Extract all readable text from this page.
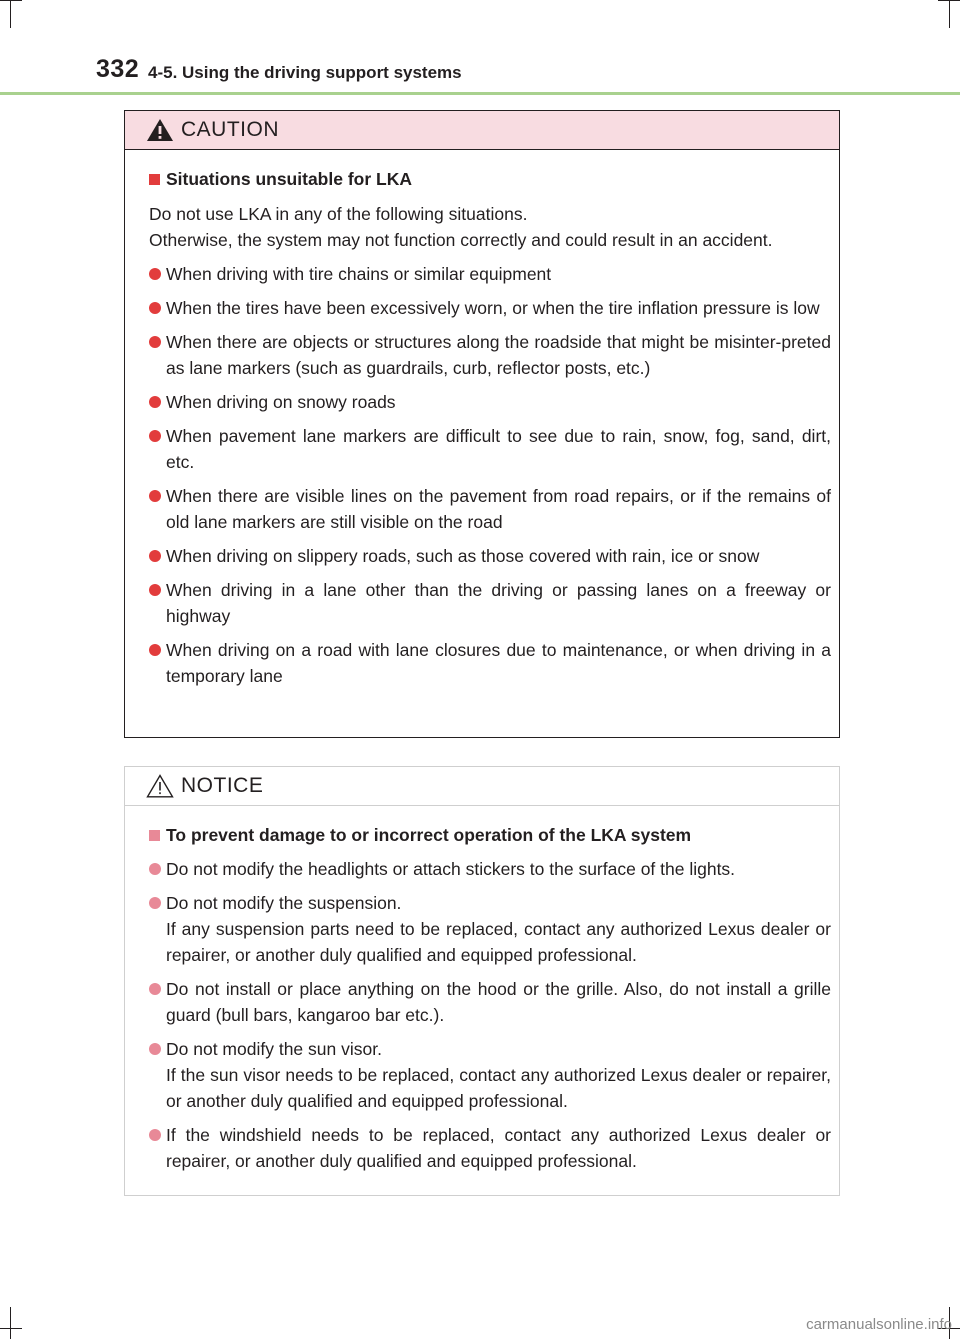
332 4-5. Using the driving support systems
CAUTION
Situations unsuitable for LKA
Do not use LKA in any of the following situations.
Otherwise, the system may not function correctly and could result in an accident.
When driving with tire chains or similar equipment
When the tires have been excessively worn, or when the tire inflation pressure is low
When there are objects or structures along the roadside that might be misinter-preted as lane markers (such as guardrails, curb, reflector posts, etc.)
When driving on snowy roads
When pavement lane markers are difficult to see due to rain, snow, fog, sand, dirt, etc.
When there are visible lines on the pavement from road repairs, or if the remains of old lane markers are still visible on the road
When driving on slippery roads, such as those covered with rain, ice or snow
When driving in a lane other than the driving or passing lanes on a freeway or highway
When driving on a road with lane closures due to maintenance, or when driving in a temporary lane
NOTICE
To prevent damage to or incorrect operation of the LKA system
Do not modify the headlights or attach stickers to the surface of the lights.
Do not modify the suspension.
If any suspension parts need to be replaced, contact any authorized Lexus dealer or repairer, or another duly qualified and equipped professional.
Do not install or place anything on the hood or the grille. Also, do not install a grille guard (bull bars, kangaroo bar etc.).
Do not modify the sun visor.
If the sun visor needs to be replaced, contact any authorized Lexus dealer or repairer, or another duly qualified and equipped professional.
If the windshield needs to be replaced, contact any authorized Lexus dealer or repairer, or another duly qualified and equipped professional.
carmanualsonline.info
